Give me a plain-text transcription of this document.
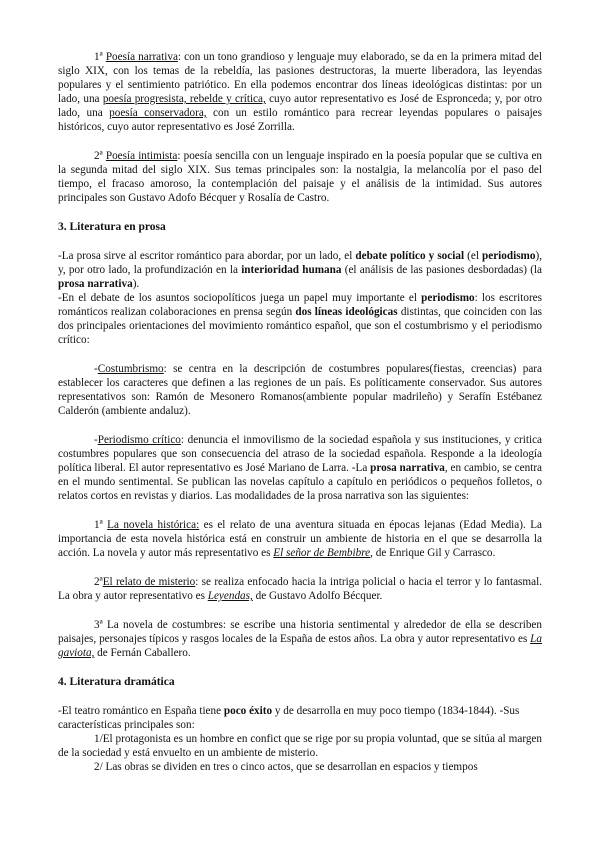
1ª Poesía narrativa: con un tono grandioso y lenguaje muy elaborado, se da en la primera mitad del siglo XIX, con los temas de la rebeldía, las pasiones destructoras, la muerte liberadora, las leyendas populares y el sentimiento patriótico. En ella podemos encontrar dos líneas ideológicas distintas: por un lado, una poesía progresista, rebelde y crítica, cuyo autor representativo es José de Espronceda; y, por otro lado, una poesía conservadora, con un estilo romántico para recrear leyendas populares o paisajes históricos, cuyo autor representativo es José Zorrilla.

2ª Poesía intimista: poesía sencilla con un lenguaje inspirado en la poesía popular que se cultiva en la segunda mitad del siglo XIX. Sus temas principales son: la nostalgia, la melancolía por el paso del tiempo, el fracaso amoroso, la contemplación del paisaje y el análisis de la intimidad. Sus autores principales son Gustavo Adofo Bécquer y Rosalía de Castro.

3. Literatura en prosa

-La prosa sirve al escritor romántico para abordar, por un lado, el debate político y social (el periodismo), y, por otro lado, la profundización en la interioridad humana (el análisis de las pasiones desbordadas) (la prosa narrativa).

-En el debate de los asuntos sociopolíticos juega un papel muy importante el periodismo: los escritores románticos realizan colaboraciones en prensa según dos líneas ideológicas distintas, que coinciden con las dos principales orientaciones del movimiento romántico español, que son el costumbrismo y el periodismo crítico:

-Costumbrismo: se centra en la descripción de costumbres populares(fiestas, creencias) para establecer los caracteres que definen a las regiones de un país. Es políticamente conservador. Sus autores representativos son: Ramón de Mesonero Romanos(ambiente popular madrileño) y Serafín Estébanez Calderón (ambiente andaluz).

-Periodismo crítico: denuncia el inmovilismo de la sociedad española y sus instituciones, y critica costumbres populares que son consecuencia del atraso de la sociedad española. Responde a la ideología política liberal. El autor representativo es José Mariano de Larra. -La prosa narrativa, en cambio, se centra en el mundo sentimental. Se publican las novelas capítulo a capítulo en periódicos o pequeños folletos, o relatos cortos en revistas y diarios. Las modalidades de la prosa narrativa son las siguientes:

1ª La novela histórica: es el relato de una aventura situada en épocas lejanas (Edad Media). La importancia de esta novela histórica está en construir un ambiente de historia en el que se desarrolla la acción. La novela y autor más representativo es El señor de Bembibre, de Enrique Gil y Carrasco.

2ªEl relato de misterio: se realiza enfocado hacia la intriga policial o hacia el terror y lo fantasmal. La obra y autor representativo es Leyendas, de Gustavo Adolfo Bécquer.

3ª La novela de costumbres: se escribe una historia sentimental y alrededor de ella se describen paisajes, personajes típicos y rasgos locales de la España de estos años. La obra y autor representativo es La gaviota, de Fernán Caballero.

4. Literatura dramática

-El teatro romántico en España tiene poco éxito y de desarrolla en muy poco tiempo (1834-1844). -Sus características principales son:

1/El protagonista es un hombre en confict que se rige por su propia voluntad, que se sitúa al margen de la sociedad y está envuelto en un ambiente de misterio.

2/ Las obras se dividen en tres o cinco actos, que se desarrollan en espacios y tiempos
